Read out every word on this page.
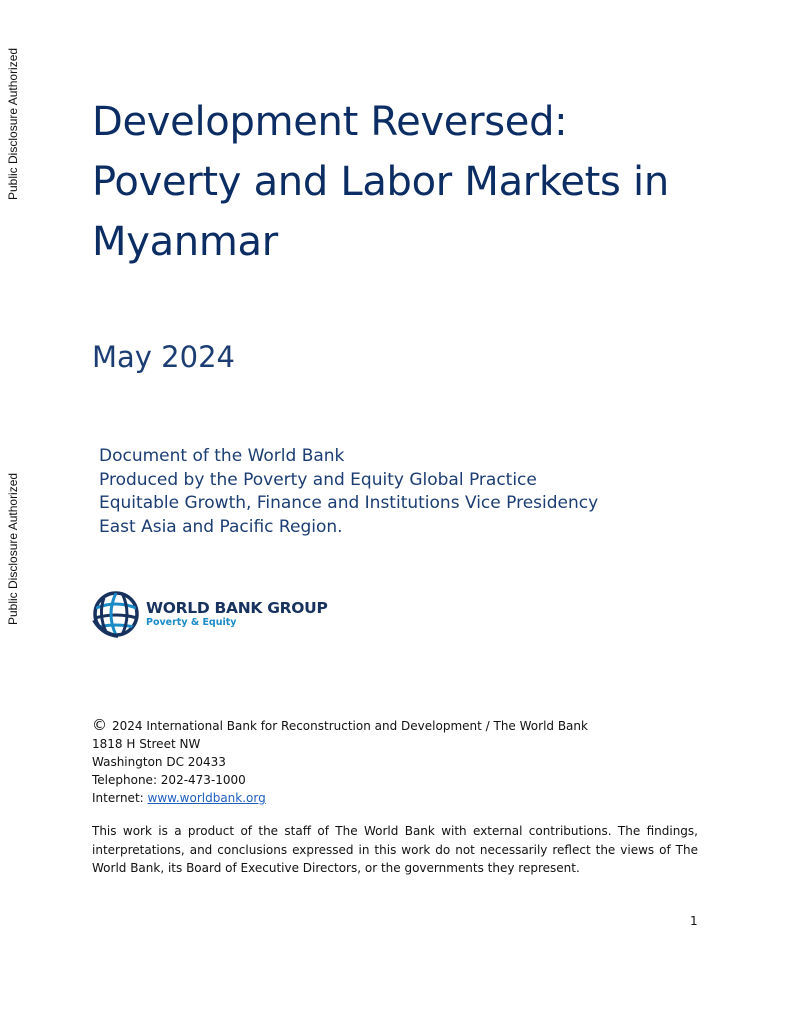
Public Disclosure Authorized
Public Disclosure Authorized
Development Reversed:
Poverty and Labor Markets in
Myanmar
May 2024
Document of the World Bank
Produced by the Poverty and Equity Global Practice
Equitable Growth, Finance and Institutions Vice Presidency
East Asia and Pacific Region.
WORLD BANK GROUP
Poverty & Equity
© 2024 International Bank for Reconstruction and Development / The World Bank
1818 H Street NW
Washington DC 20433
Telephone: 202-473-1000
Internet: www.worldbank.org

This work is a product of the staff of The World Bank with external contributions. The findings, interpretations, and conclusions expressed in this work do not necessarily reflect the views of The World Bank, its Board of Executive Directors, or the governments they represent.

1
